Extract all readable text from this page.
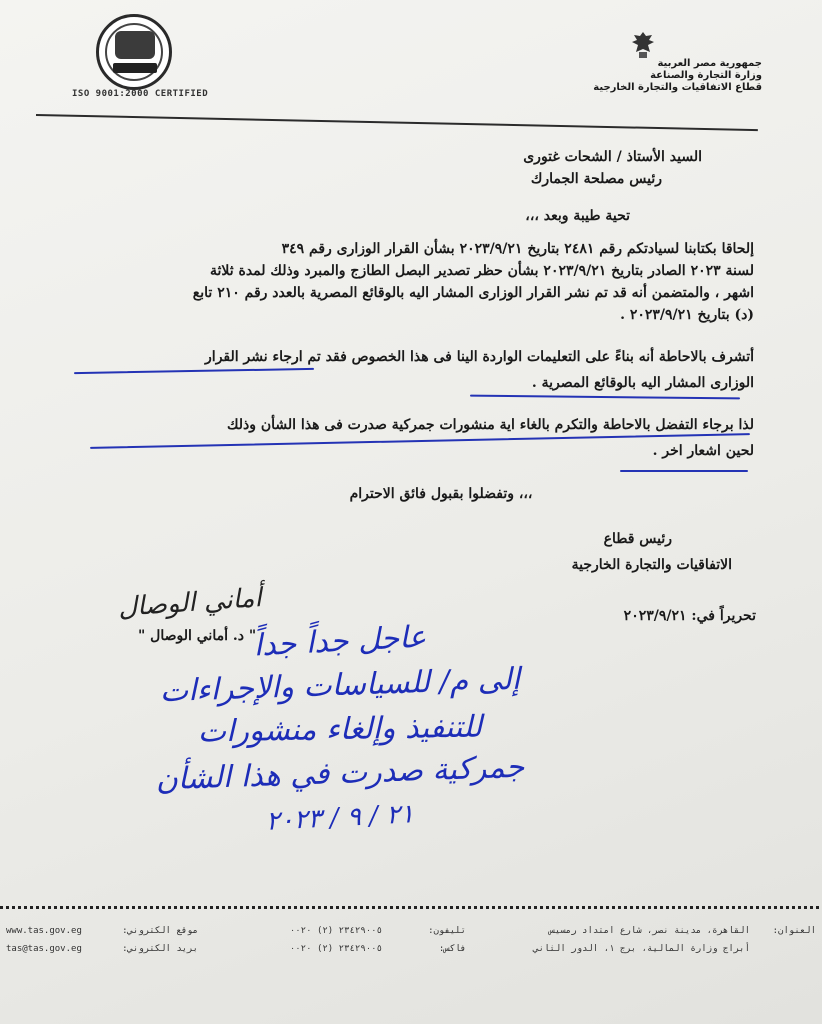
ISO 9001:2000 CERTIFIED
جمهورية مصر العربية
وزارة التجارة والصناعة
قطاع الاتفاقيات والتجارة الخارجية
السيد الأستاذ / الشحات غتورى
رئيس مصلحة الجمارك
تحية طيبة وبعد ،،،
إلحاقا بكتابنا لسيادتكم رقم ٢٤٨١ بتاريخ ٢٠٢٣/٩/٢١ بشأن القرار الوزارى رقم ٣٤٩
لسنة ٢٠٢٣ الصادر بتاريخ ٢٠٢٣/٩/٢١ بشأن حظر تصدير البصل الطازج والمبرد وذلك لمدة ثلاثة
اشهر ، والمتضمن أنه قد تم نشر القرار الوزارى المشار اليه بالوقائع المصرية بالعدد رقم ٢١٠ تابع
(د) بتاريخ ٢٠٢٣/٩/٢١ .
أتشرف بالاحاطة أنه بناءً على التعليمات الواردة الينا فى هذا الخصوص فقد تم ارجاء نشر القرار
الوزارى المشار اليه بالوقائع المصرية .
لذا برجاء التفضل بالاحاطة والتكرم بالغاء اية منشورات جمركية صدرت فى هذا الشأن وذلك
لحين اشعار اخر .
وتفضلوا بقبول فائق الاحترام ،،،
رئيس قطاع
الاتفاقيات والتجارة الخارجية
أماني الوصال
" د. أماني الوصال "
تحريراً في: ٢٠٢٣/٩/٢١
عاجل جداً جداً
إلى م/ للسياسات والإجراءات
للتنفيذ وإلغاء منشورات
جمركية صدرت في هذا الشأن
٢١ / ٩ / ٢٠٢٣
www.tas.gov.eg
tas@tas.gov.eg
موقع الكتروني:
بريد الكتروني:
٢٣٤٢٩٠٠٥ (٢) ٠٠٢٠
٢٣٤٢٩٠٠٥ (٢) ٠٠٢٠
تليفون:
فاكس:
القاهرة، مدينة نصر، شارع امتداد رمسيس
أبراج وزارة المالية، برج ١، الدور الثاني
العنوان:
